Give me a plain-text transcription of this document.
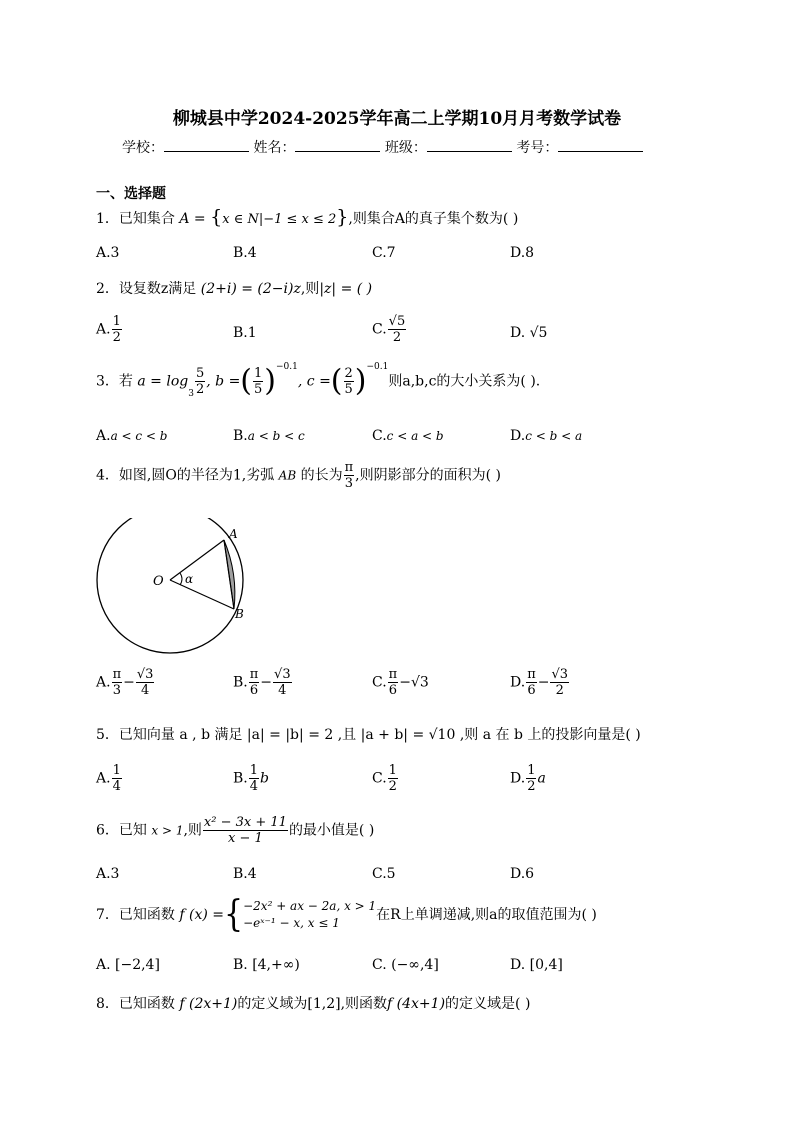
柳城县中学2024-2025学年高二上学期10月月考数学试卷
学校：	姓名：	班级：	考号：
一、选择题
1．已知集合 A = {x ∈ N|−1 ≤ x ≤ 2},则集合A的真子集个数为( )
A.3	B.4	C.7	D.8
2．设复数z满足 (2+i) = (2−i)z,则|z| = ( )
A. $\frac{1}{2}$	B.1	C. $\frac{√5}{2}$	D. √5
3．若 $a = \log 3 \frac{5}{2}$ , b =( $\frac{1}{5} )^{-0.1}$, c =( $\frac{2}{5} )^{-0.1}$则a,b,c的大小关系为( ).
A.a < c < b	B.a < b < c	C.c < a < b	D.c < b < a
4．如图,圆O的半径为1,劣弧 AB 的长为 $\frac{\pi}{3}$ ,则阴影部分的面积为( )
O α
A
B
A. $\frac{\pi}{3} - \frac{√3}{4}$	B. $\frac{\pi}{6} - \frac{√3}{4}$	C. $\frac{\pi}{6} -√3$	D. $\frac{\pi}{6} - \frac{√3}{2}$
5．已知向量 a , b 满足 |a| = |b| = 2 ,且 |a + b| = √10 ,则 a 在 b 上的投影向量是( )
A. $\frac{1}{4}$	B. $\frac{1}{4}$ b	C. $\frac{1}{2}$	D. $\frac{1}{2}$ a
6．已知 x > 1,则 $\frac{\text{x² − 3x + 11}}{x - 1}$ 的最小值是( )
A.3	B.4	C.5	D.6
7．已知函数 f (x) ={ −2x² + ax − 2a, x > 1
−eˣ⁻¹ − x, x ≤ 1	在R上单调递减,则a的取值范围为( )
A. [−2,4]	B. [4,+∞)	C. (−∞,4]	D. [0,4]
8．已知函数 f (2x+1)的定义域为[1,2],则函数f (4x+1)的定义域是( )
